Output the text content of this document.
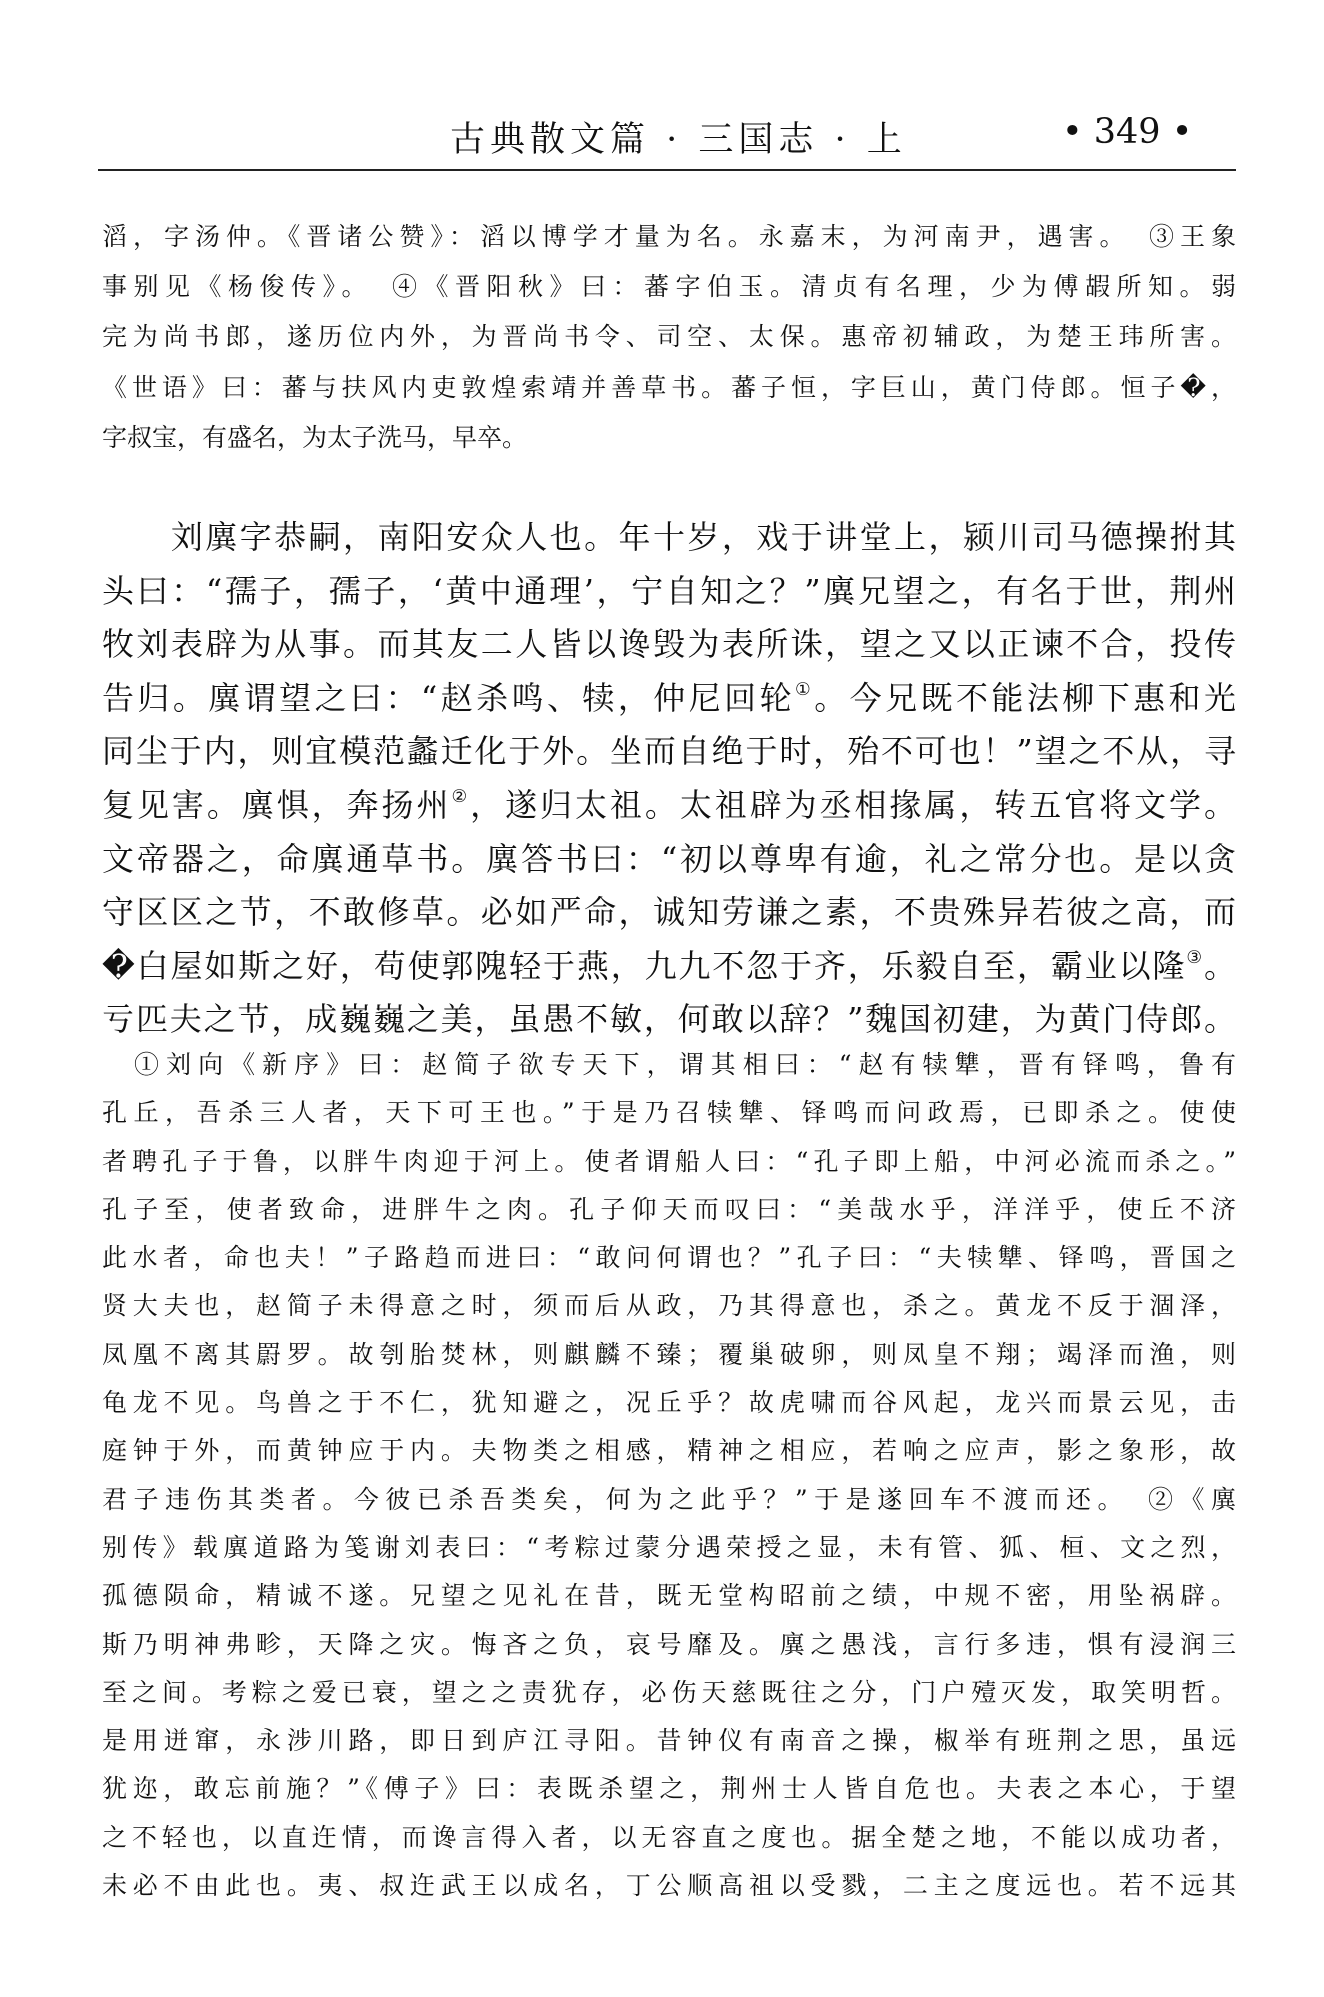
古典散文篇 · 三国志 · 上	• 349 •
滔，字汤仲。《晋诸公赞》：滔以博学才量为名。永嘉末，为河南尹，遇害。　③王象
事别见《杨俊传》。　④《晋阳秋》曰：蕃字伯玉。清贞有名理，少为傅嘏所知。弱
完为尚书郎，遂历位内外，为晋尚书令、司空、太保。惠帝初辅政，为楚王玮所害。
《世语》曰：蕃与扶风内吏敦煌索靖并善草书。蕃子恒，字巨山，黄门侍郎。恒子�，
字叔宝，有盛名，为太子洗马，早卒。
　　刘廙字恭嗣，南阳安众人也。年十岁，戏于讲堂上，颍川司马德操拊其
头曰：“孺子，孺子，‘黄中通理’，宁自知之？”廙兄望之，有名于世，荆州
牧刘表辟为从事。而其友二人皆以谗毁为表所诛，望之又以正谏不合，投传
告归。廙谓望之曰：“赵杀鸣、犊，仲尼回轮①。今兄既不能法柳下惠和光
同尘于内，则宜模范蠡迁化于外。坐而自绝于时，殆不可也！”望之不从，寻
复见害。廙惧，奔扬州②，遂归太祖。太祖辟为丞相掾属，转五官将文学。
文帝器之，命廙通草书。廙答书曰：“初以尊卑有逾，礼之常分也。是以贪
守区区之节，不敢修草。必如严命，诚知劳谦之素，不贵殊异若彼之高，而
�白屋如斯之好，苟使郭隗轻于燕，九九不忽于齐，乐毅自至，霸业以隆③。
亏匹夫之节，成巍巍之美，虽愚不敏，何敢以辞？”魏国初建，为黄门侍郎。
　①刘向《新序》曰：赵简子欲专天下，谓其相曰：“赵有犊犨，晋有铎鸣，鲁有
孔丘，吾杀三人者，天下可王也。”于是乃召犊犨、铎鸣而问政焉，已即杀之。使使
者聘孔子于鲁，以胖牛肉迎于河上。使者谓船人曰：“孔子即上船，中河必流而杀之。”
孔子至，使者致命，进胖牛之肉。孔子仰天而叹曰：“美哉水乎，洋洋乎，使丘不济
此水者，命也夫！”子路趋而进曰：“敢问何谓也？”孔子曰：“夫犊犨、铎鸣，晋国之
贤大夫也，赵简子未得意之时，须而后从政，乃其得意也，杀之。黄龙不反于涸泽，
凤凰不离其罻罗。故刳胎焚林，则麒麟不臻；覆巢破卵，则凤皇不翔；竭泽而渔，则
龟龙不见。鸟兽之于不仁，犹知避之，况丘乎？故虎啸而谷风起，龙兴而景云见，击
庭钟于外，而黄钟应于内。夫物类之相感，精神之相应，若响之应声，影之象形，故
君子违伤其类者。今彼已杀吾类矣，何为之此乎？”于是遂回车不渡而还。　②《廙
别传》载廙道路为笺谢刘表曰：“考粽过蒙分遇荣授之显，未有管、狐、桓、文之烈，
孤德陨命，精诚不遂。兄望之见礼在昔，既无堂构昭前之绩，中规不密，用坠祸辟。
斯乃明神弗畛，天降之灾。悔吝之负，哀号靡及。廙之愚浅，言行多违，惧有浸润三
至之间。考粽之爱已衰，望之之责犹存，必伤天慈既往之分，门户殪灭发，取笑明哲。
是用迸窜，永涉川路，即日到庐江寻阳。昔钟仪有南音之操，椒举有班荆之思，虽远
犹迩，敢忘前施？”《傅子》曰：表既杀望之，荆州士人皆自危也。夫表之本心，于望
之不轻也，以直迕情，而谗言得入者，以无容直之度也。据全楚之地，不能以成功者，
未必不由此也。夷、叔迕武王以成名，丁公顺高祖以受戮，二主之度远也。若不远其
